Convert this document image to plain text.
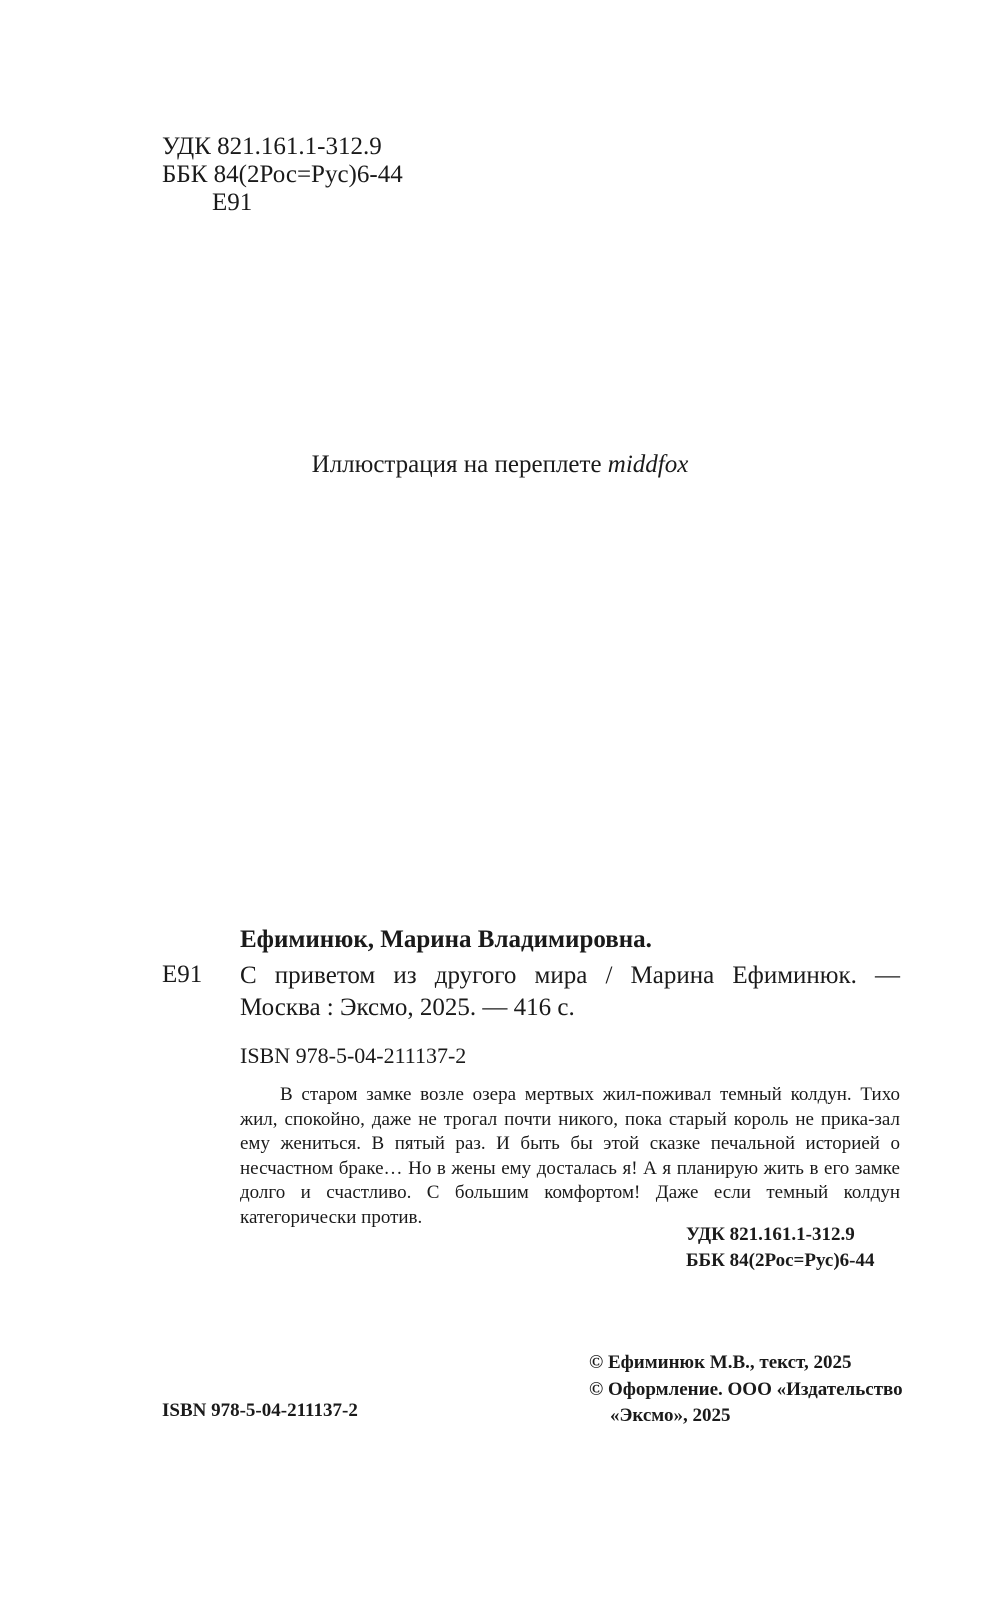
УДК 821.161.1-312.9
ББК 84(2Рос=Рус)6-44
Е91
Иллюстрация на переплете middfox
Ефиминюк, Марина Владимировна.
Е91 С приветом из другого мира / Марина Ефиминюк. —
Москва : Эксмо, 2025. — 416 с.
ISBN 978-5-04-211137-2
В старом замке возле озера мертвых жил-поживал темный колдун. Тихо жил, спокойно, даже не трогал почти никого, пока старый король не прика-зал ему жениться. В пятый раз. И быть бы этой сказке печальной историей о несчастном браке… Но в жены ему досталась я! А я планирую жить в его замке долго и счастливо. С большим комфортом! Даже если темный колдун категорически против.
УДК 821.161.1-312.9
ББК 84(2Рос=Рус)6-44
ISBN 978-5-04-211137-2
© Ефиминюк М.В., текст, 2025
© Оформление. ООО «Издательство
«Эксмо», 2025
